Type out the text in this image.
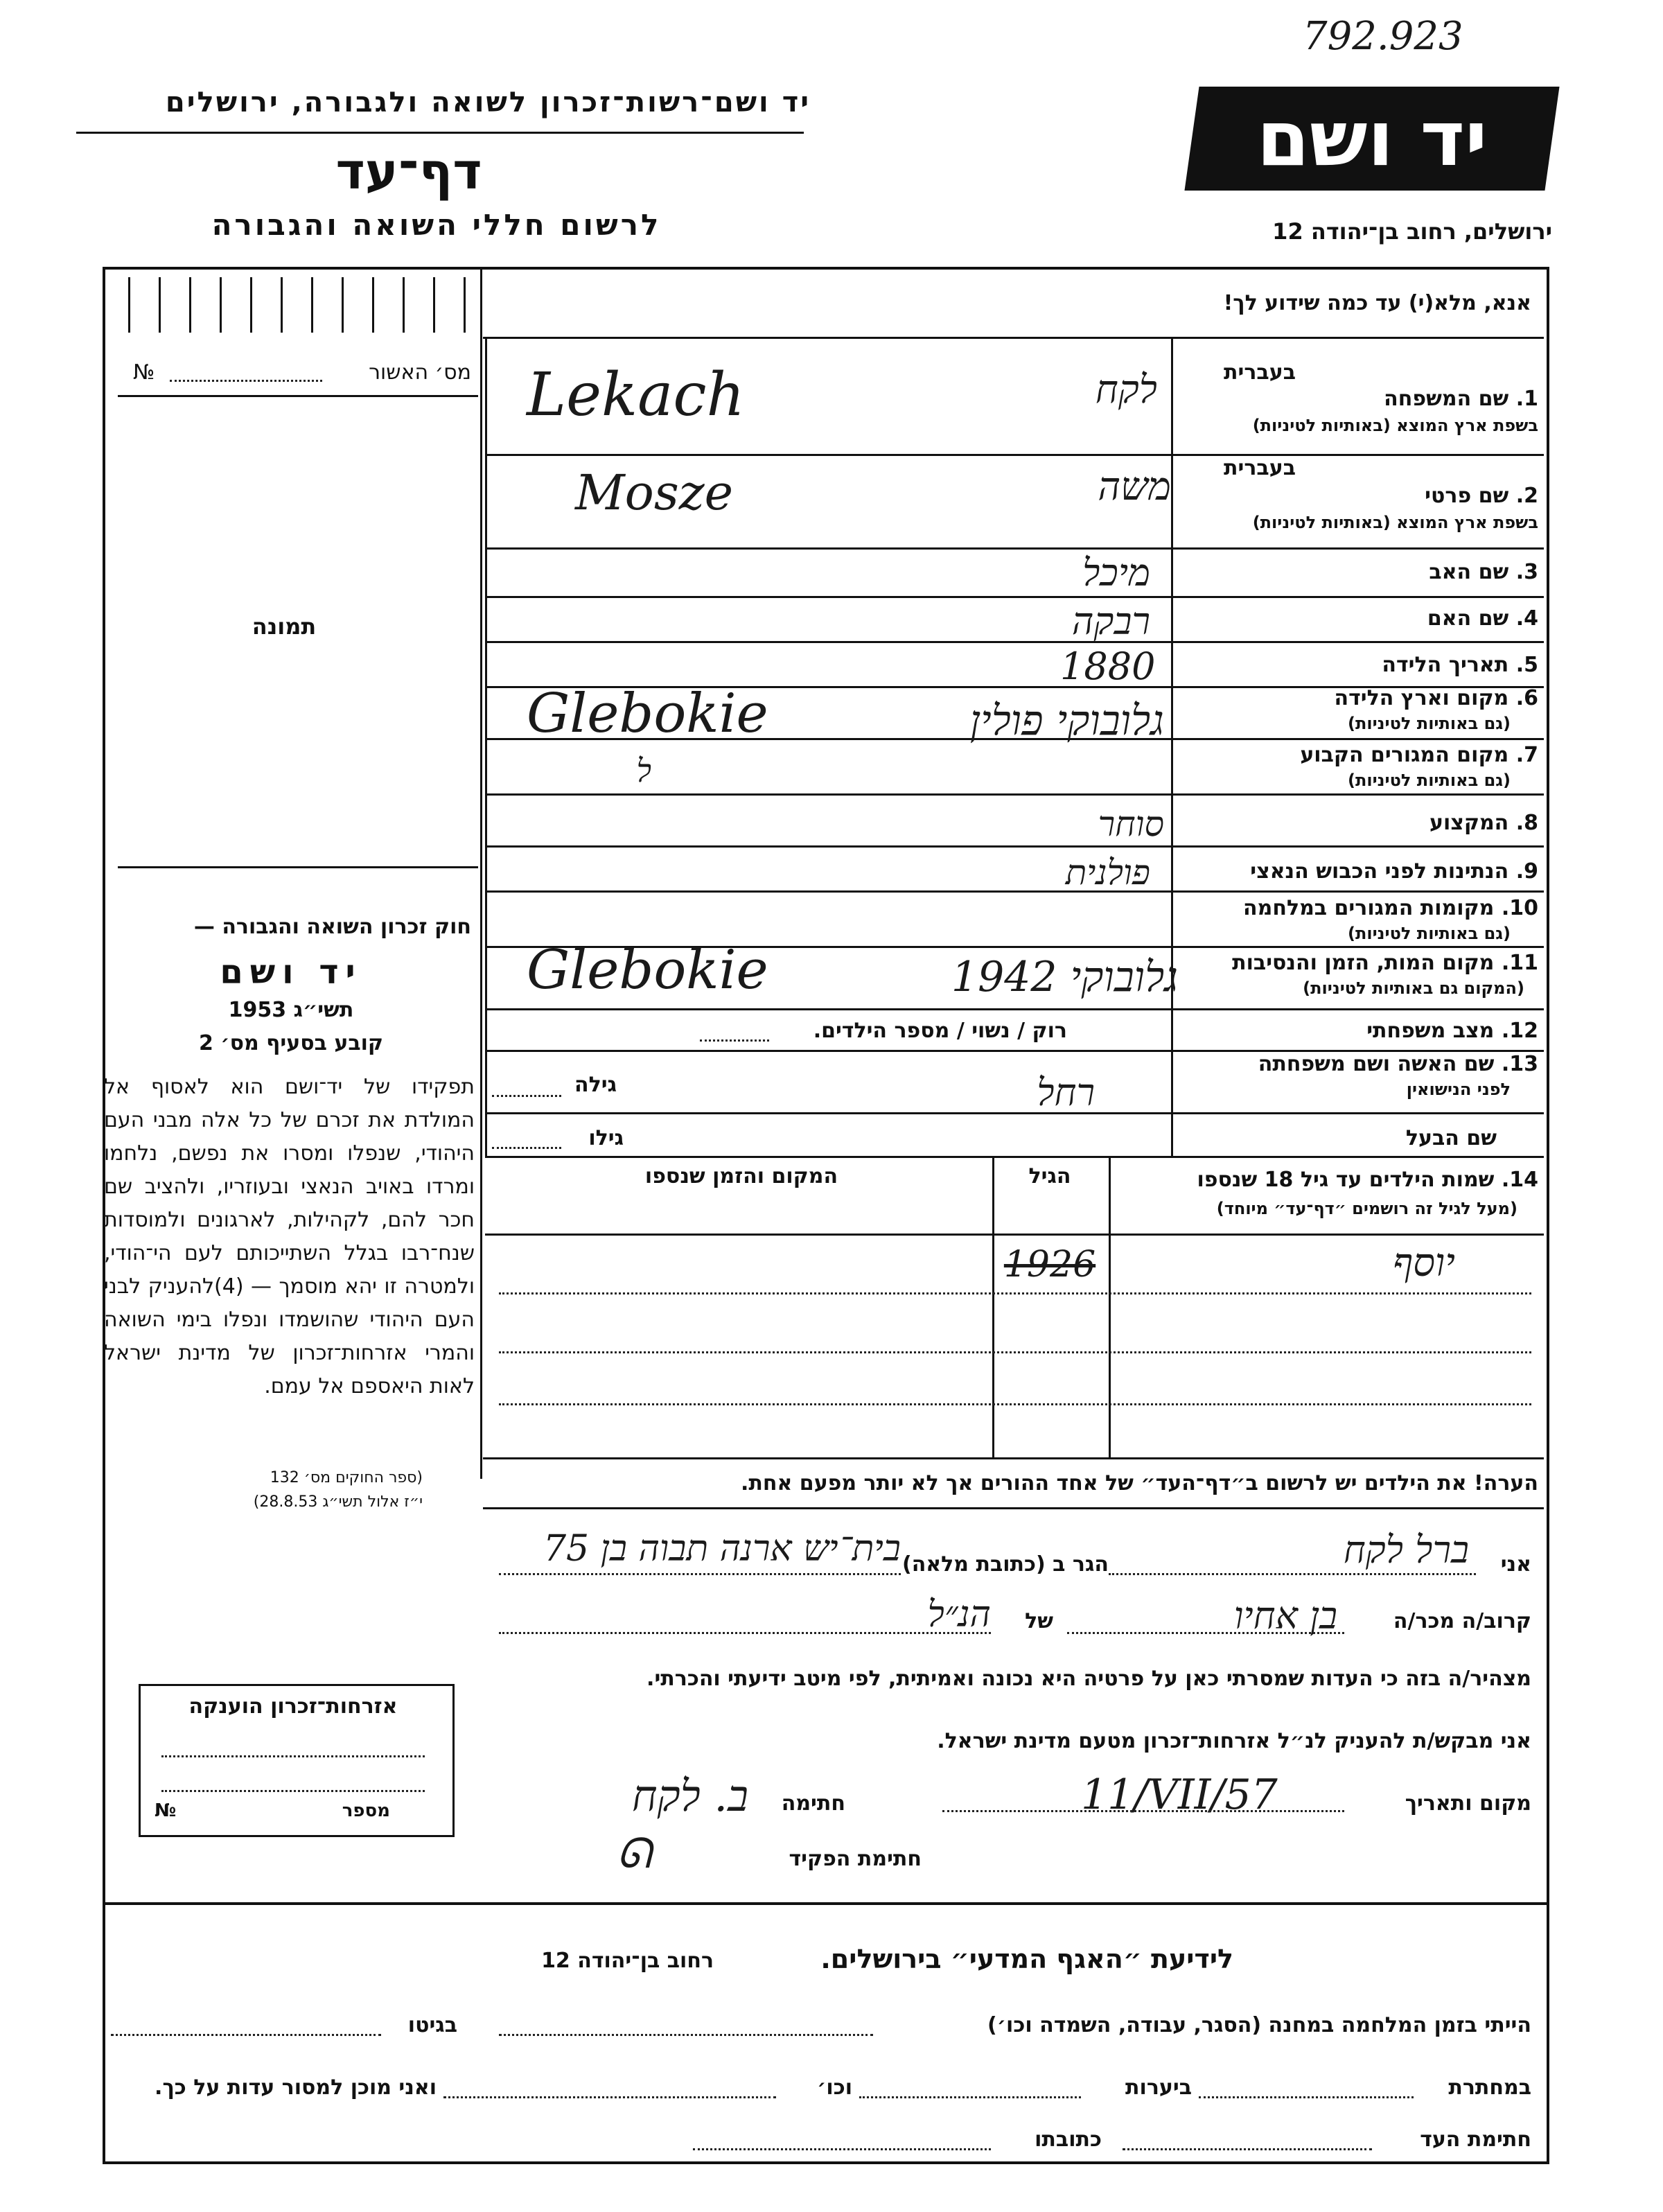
792.923
יד ושם־רשות־זכרון לשואה ולגבורה, ירושלים
דף־עד
לרשום חללי השואה והגבורה
יד ושם
ירושלים, רחוב בן־יהודה 12
מס׳ האשור
№
תמונה
חוק זכרון השואה והגבורה —
יד ושם
תשי״ג 1953
קובע בסעיף מס׳ 2
תפקידו של יד־ושם הוא לאסוף אל המולדת את זכרם של כל אלה מבני העם היהודי, שנפלו ומסרו את נפשם, נלחמו ומרדו באויב הנאצי ובעוזריו, ולהציב שם חכר להם, לקהילות, לארגונים ולמוסדות שנח־רבו בגלל השתייכותם לעם הי־הודי, ולמטרה זו יהא מוסמך — (4)להעניק לבני העם היהודי שהושמדו ונפלו בימי השואה והמרי אזרחות־זכרון של מדינת ישראל לאות היאספם אל עמם.
(ספר החוקים מס׳ 132
י״ז אלול תשי״ג 28.8.53)
אנא, מלא(י) עד כמה שידוע לך!
בעברית
1. שם המשפחה
בשפת ארץ המוצא (באותיות לטיניות)
לקח
Lekach
בעברית
2. שם פרטי
בשפת ארץ המוצא (באותיות לטיניות)
משה
Mosze
3. שם האב
מיכל
4. שם האם
רבקה
5. תאריך הלידה
1880
6. מקום וארץ הלידה
(גם באותיות לטיניות)
גלובוקי פולין
Glebokie
7. מקום המגורים הקבוע
(גם באותיות לטיניות)
ל
8. המקצוע
סוחר
9. הנתינות לפני הכבוש הנאצי
פולנית
10. מקומות המגורים במלחמה
(גם באותיות לטיניות)
11. מקום המות, הזמן והנסיבות
(המקום גם באותיות לטיניות)
גלובוקי 1942
Glebokie
12. מצב משפחתי
רוק / נשוי / מספר הילדים.
13. שם האשה ושם משפחתה
לפני הנישואין
רחל
גילה
שם הבעל
גילו
14. שמות הילדים עד גיל 18 שנספו
(מעל לגיל זה רושמים ״דף־עד״ מיוחד)
הגיל
המקום והזמן שנספו
יוסף
1926
הערה! את הילדים יש לרשום ב״דף־העד״ של אחד ההורים אך לא יותר מפעם אחת.
אני
ברל לקח
הגר ב (כתובת מלאה)
בית־יש ארנה תבוה בן 75
קרוב/ה מכר/ה
בן אחיו
של
הנ״ל
מצהיר/ה בזה כי העדות שמסרתי כאן על פרטיה היא נכונה ואמיתית, לפי מיטב ידיעתי והכרתי.
אני מבקש/ת להעניק לנ״ל אזרחות־זכרון מטעם מדינת ישראל.
מקום ותאריך
11/VII/57
חתימה
ב. לקח
חתימת הפקיד
ᘏ
אזרחות־זכרון הוענקה
מספר
№
לידיעת ״האגף המדעי״ בירושלים.
רחוב בן־יהודה 12
הייתי בזמן המלחמה במחנה (הסגר, עבודה, השמדה וכו׳)
בגיטו
במחתרת
ביערות
וכו׳
ואני מוכן למסור עדות על כך.
חתימת העד
כתובתו
